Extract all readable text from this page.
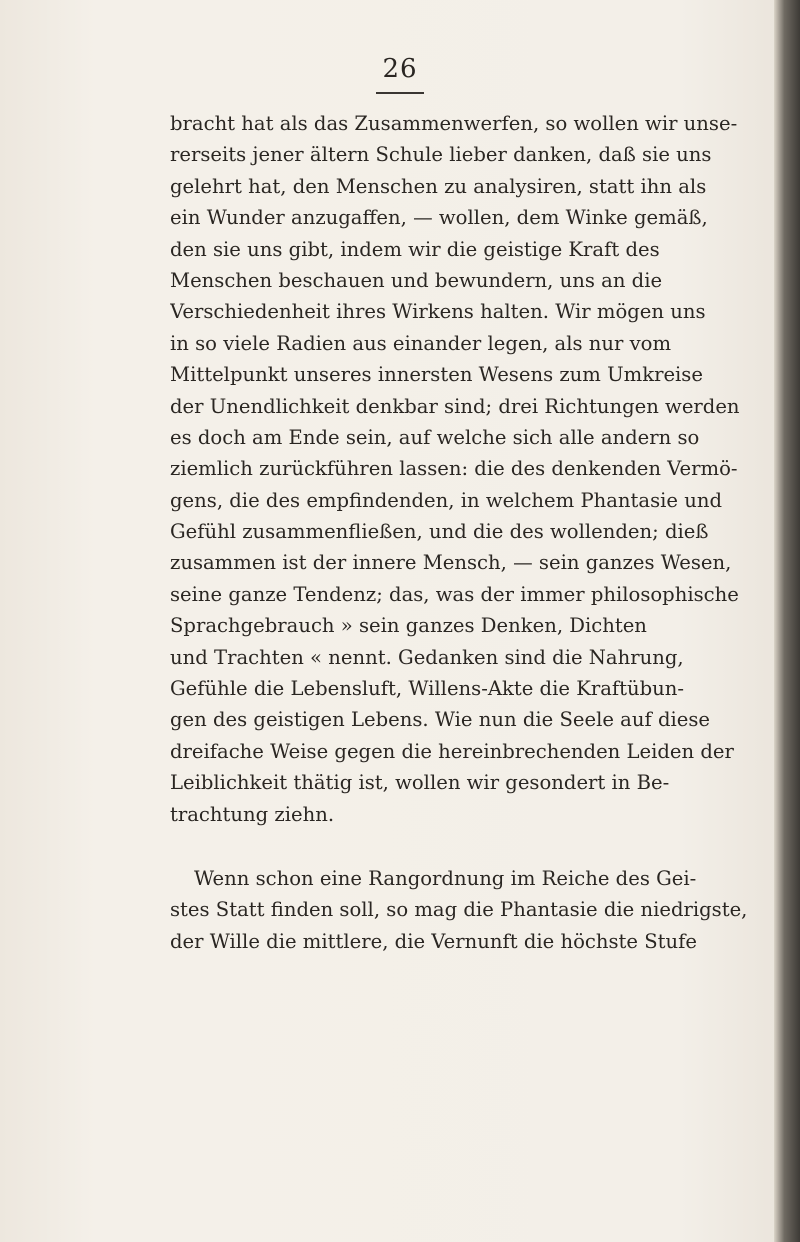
26
bracht hat als das Zusammenwerfen, so wollen wir unse-
rerseits jener ältern Schule lieber danken, daß sie uns
gelehrt hat, den Menschen zu analysiren, statt ihn als
ein Wunder anzugaffen, — wollen, dem Winke gemäß,
den sie uns gibt, indem wir die geistige Kraft des
Menschen beschauen und bewundern, uns an die
Verschiedenheit ihres Wirkens halten. Wir mögen uns
in so viele Radien aus einander legen, als nur vom
Mittelpunkt unseres innersten Wesens zum Umkreise
der Unendlichkeit denkbar sind; drei Richtungen werden
es doch am Ende sein, auf welche sich alle andern so
ziemlich zurückführen lassen: die des denkenden Vermö-
gens, die des empfindenden, in welchem Phantasie und
Gefühl zusammenfließen, und die des wollenden; dieß
zusammen ist der innere Mensch, — sein ganzes Wesen,
seine ganze Tendenz; das, was der immer philosophische
Sprachgebrauch » sein ganzes Denken, Dichten
und Trachten « nennt. Gedanken sind die Nahrung,
Gefühle die Lebensluft, Willens-Akte die Kraftübun-
gen des geistigen Lebens. Wie nun die Seele auf diese
dreifache Weise gegen die hereinbrechenden Leiden der
Leiblichkeit thätig ist, wollen wir gesondert in Be-
trachtung ziehn.
Wenn schon eine Rangordnung im Reiche des Gei-
stes Statt finden soll, so mag die Phantasie die niedrigste,
der Wille die mittlere, die Vernunft die höchste Stufe
